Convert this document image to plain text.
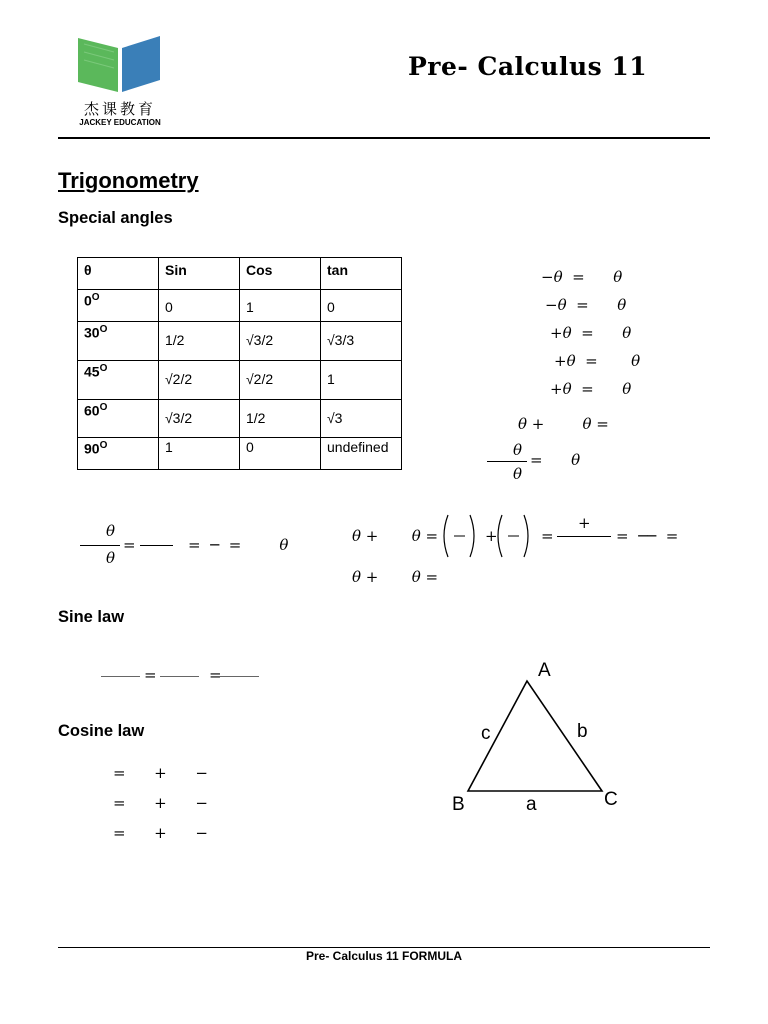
杰课教育
JACKEY EDUCATION
Pre- Calculus 11
Trigonometry
Special angles
θ	Sin	Cos	tan
$0^O$	0	1	0
$30^O$	1/2	√3/2	√3/3
$45^O$	√2/2	√2/2	1
$60^O$	√3/2	1/2	√3
$90^O$	1	0	undefined
−θ  =      θ
−θ  =      θ
+θ  =      θ
+θ  =       θ
+θ  =      θ
θ +        θ =
θ
θ
=      θ
θ
θ
=           =  ─  =        θ	θ +       θ =	+	=
+
=  ──  =
θ +       θ =
Sine law
=           =
Cosine law
=      +      −
=      +      −
=      +      −
A
B	C
a
b
c
Pre- Calculus 11 FORMULA
